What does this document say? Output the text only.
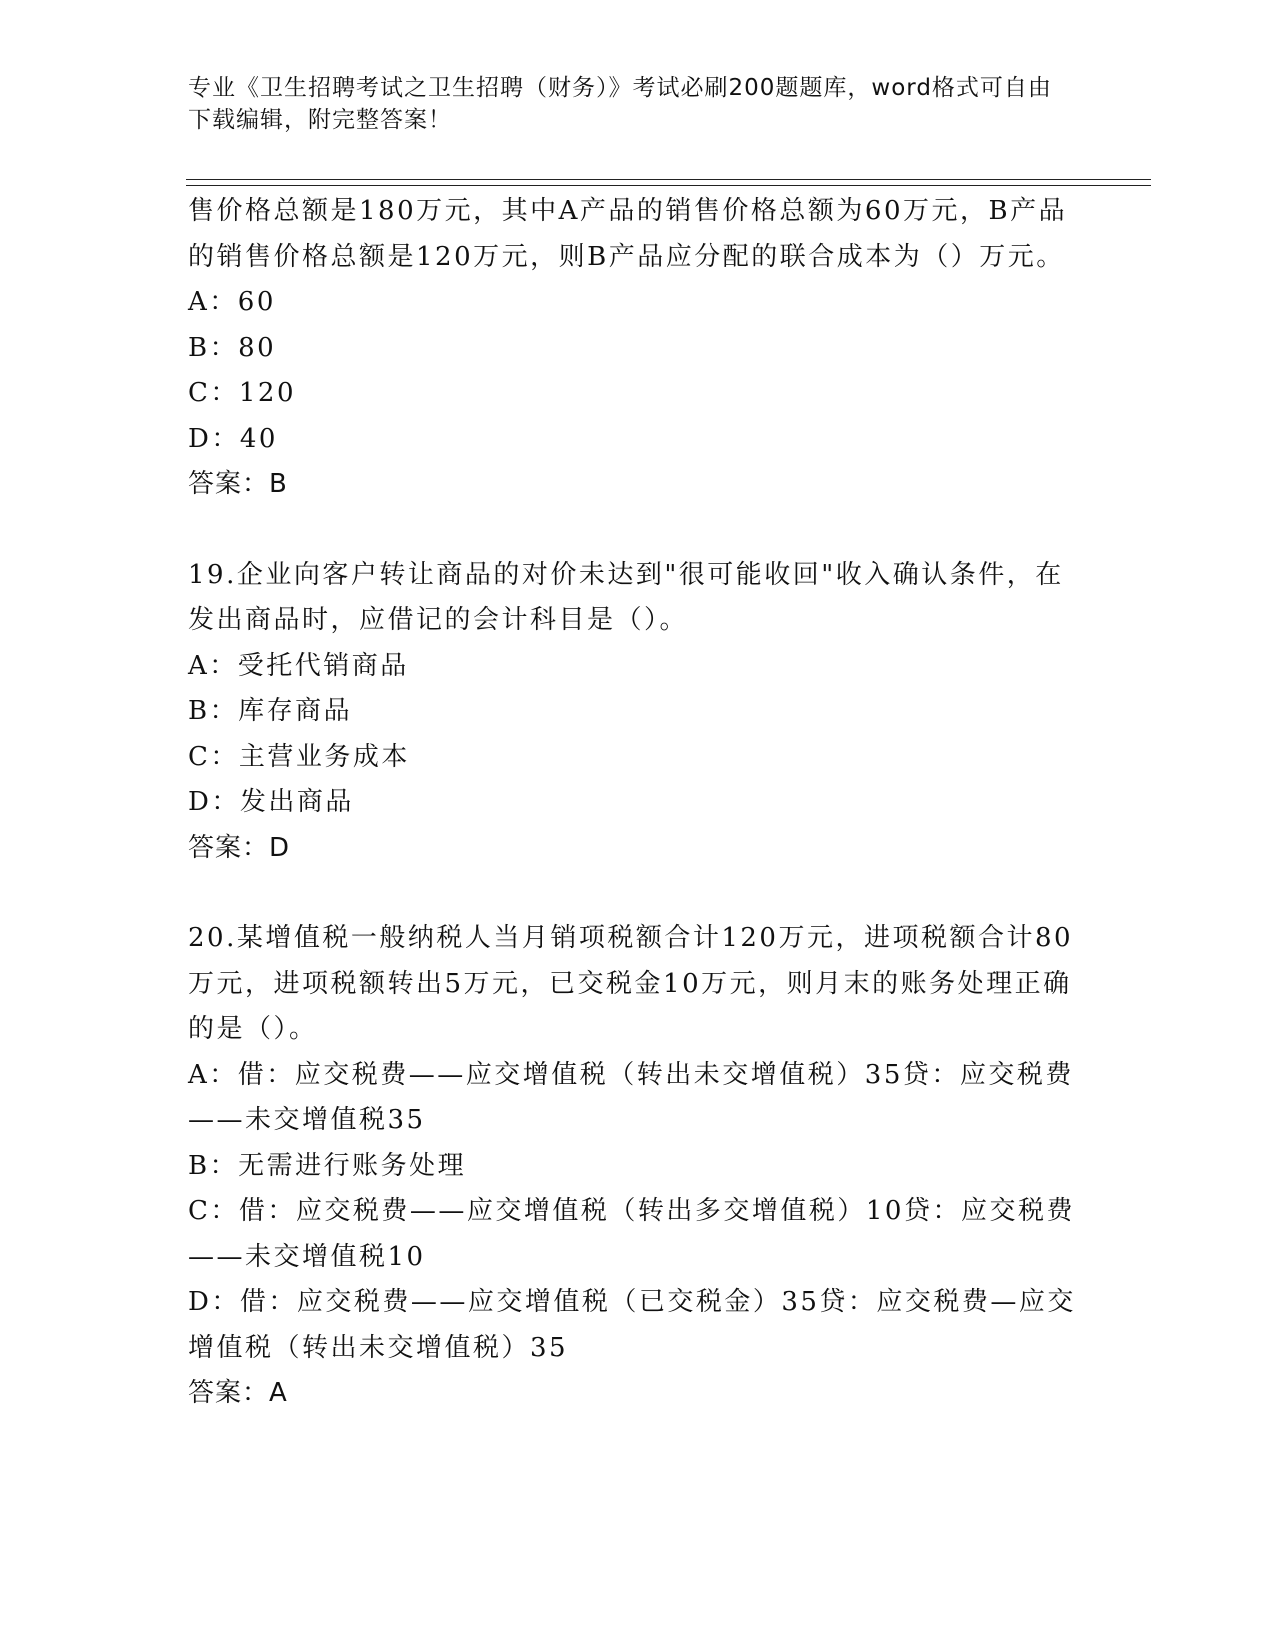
专业《卫生招聘考试之卫生招聘（财务）》考试必刷200题题库，word格式可自由下载编辑，附完整答案！

售价格总额是180万元，其中A产品的销售价格总额为60万元，B产品的销售价格总额是120万元，则B产品应分配的联合成本为（）万元。

A：60

B：80

C：120

D：40

答案：B

19.企业向客户转让商品的对价未达到"很可能收回"收入确认条件，在发出商品时，应借记的会计科目是（）。

A：受托代销商品

B：库存商品

C：主营业务成本

D：发出商品

答案：D

20.某增值税一般纳税人当月销项税额合计120万元，进项税额合计80万元，进项税额转出5万元，已交税金10万元，则月末的账务处理正确的是（）。

A：借：应交税费——应交增值税（转出未交增值税）35贷：应交税费——未交增值税35

B：无需进行账务处理

C：借：应交税费——应交增值税（转出多交增值税）10贷：应交税费——未交增值税10

D：借：应交税费——应交增值税（已交税金）35贷：应交税费—应交增值税（转出未交增值税）35

答案：A
